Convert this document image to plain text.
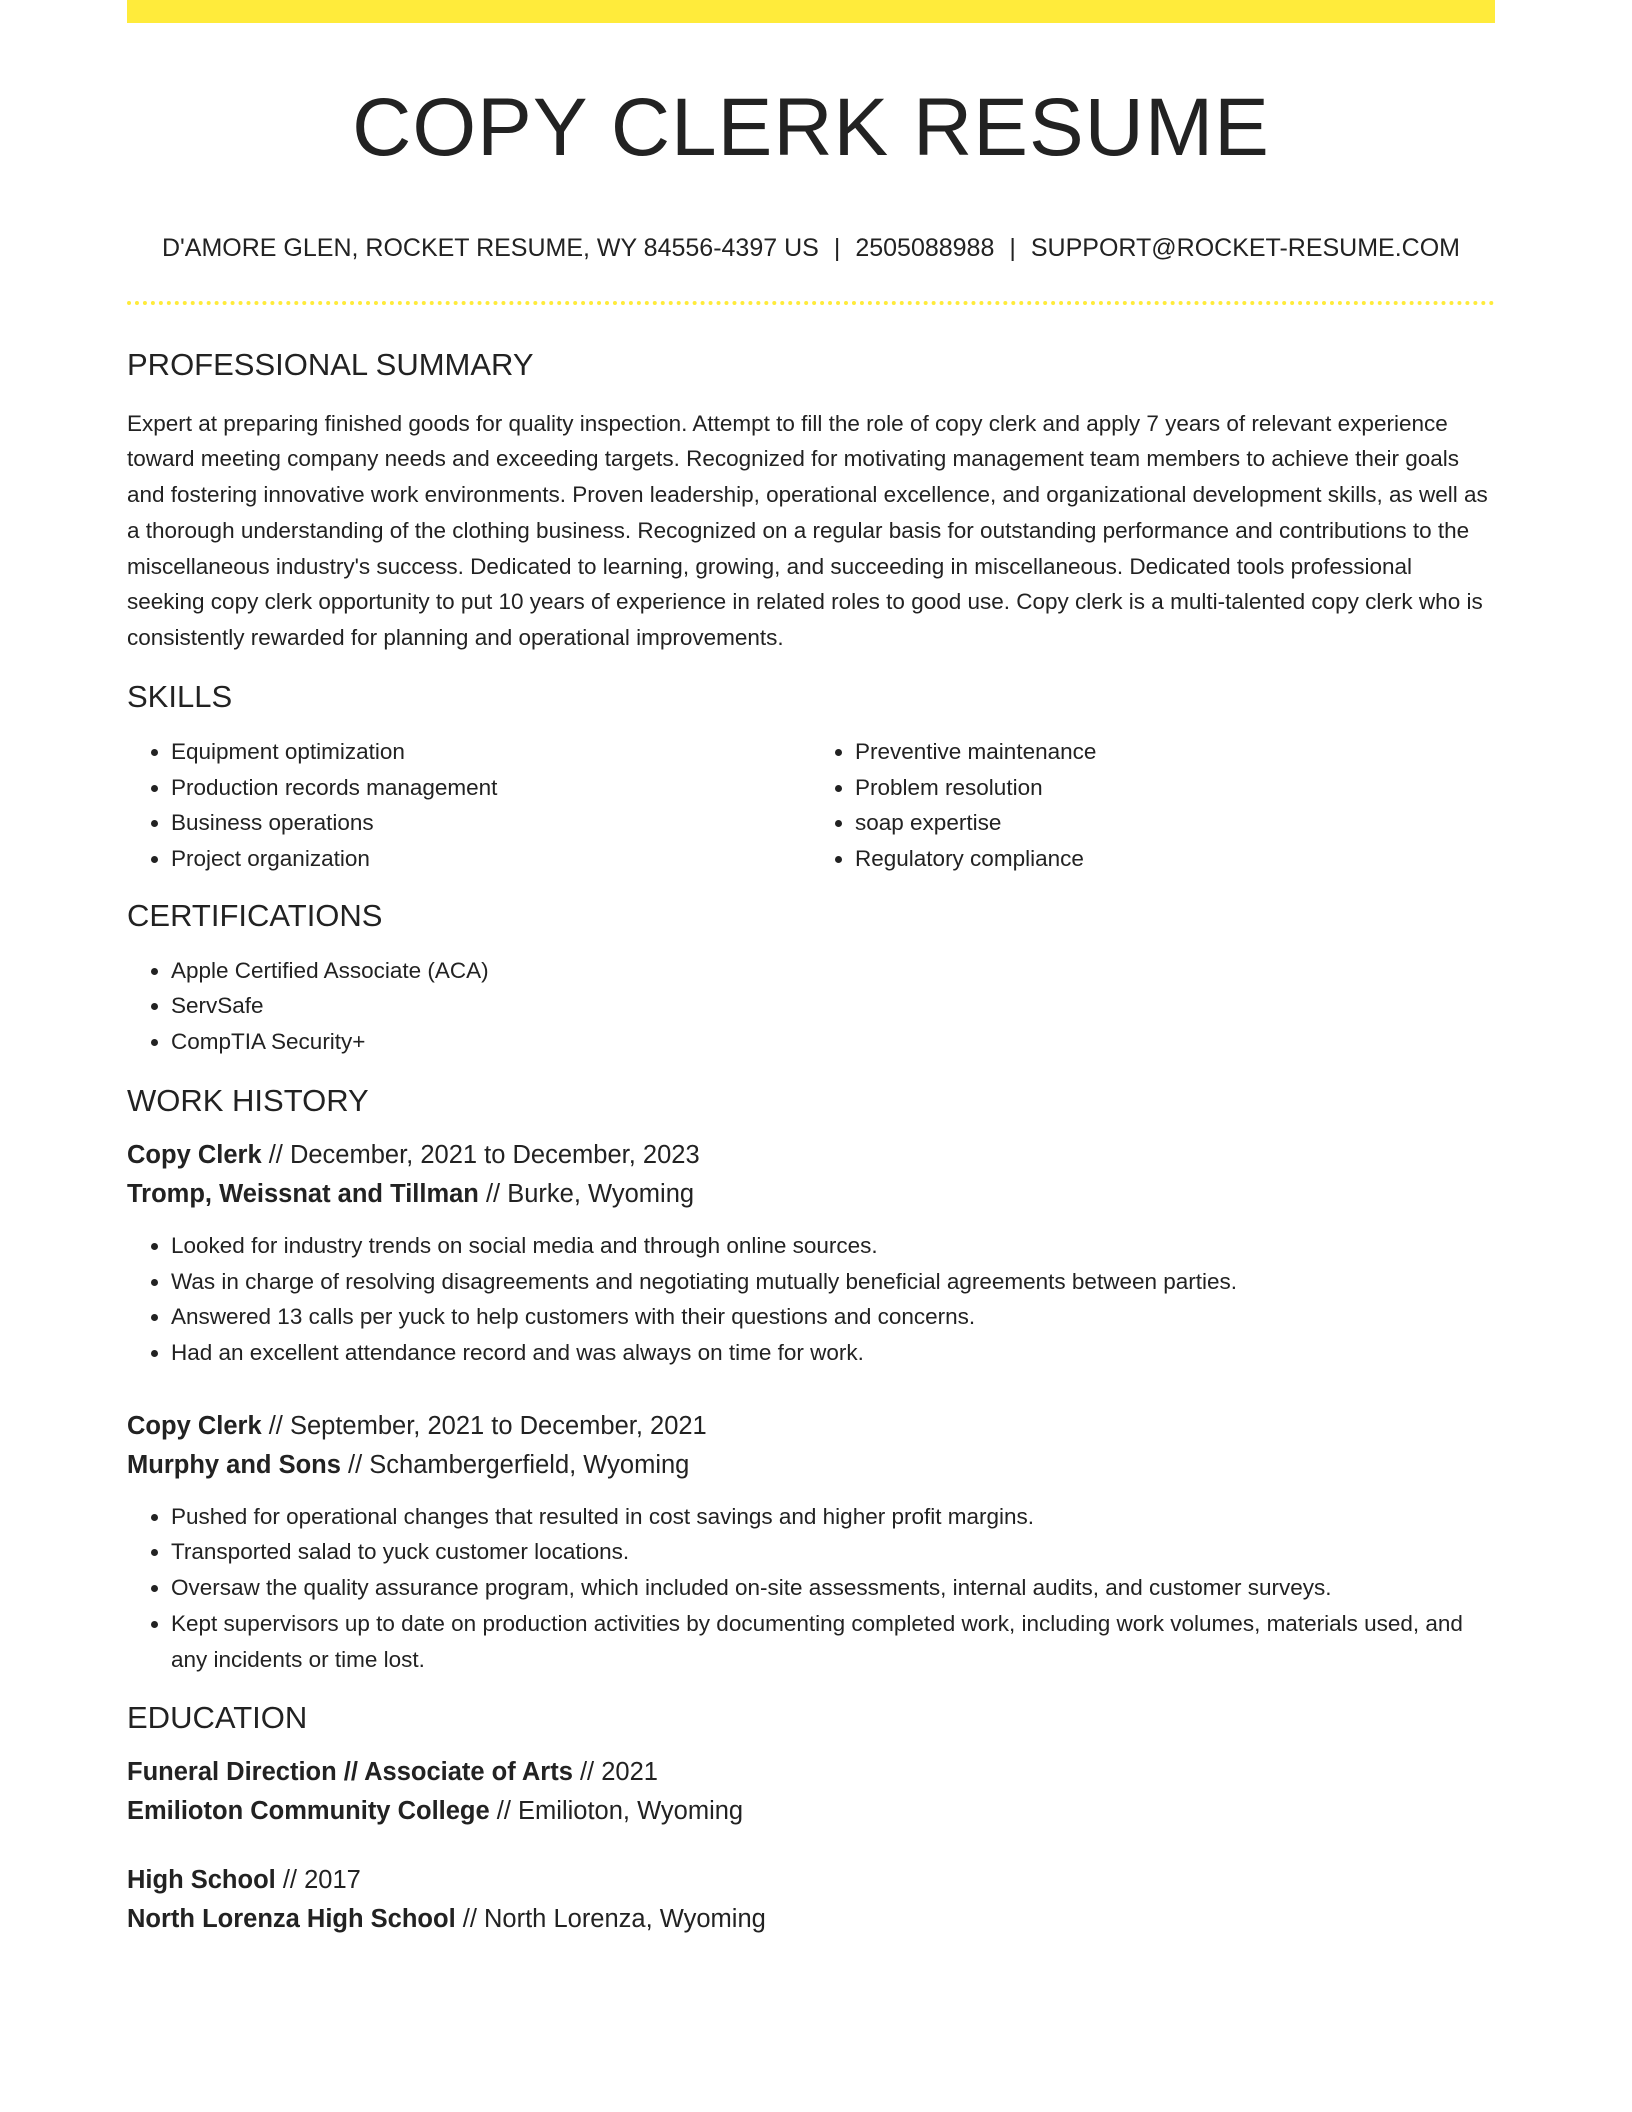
COPY CLERK RESUME
D'AMORE GLEN, ROCKET RESUME, WY 84556-4397 US | 2505088988 | SUPPORT@ROCKET-RESUME.COM
PROFESSIONAL SUMMARY

Expert at preparing finished goods for quality inspection. Attempt to fill the role of copy clerk and apply 7 years of relevant experience toward meeting company needs and exceeding targets. Recognized for motivating management team members to achieve their goals and fostering innovative work environments. Proven leadership, operational excellence, and organizational development skills, as well as a thorough understanding of the clothing business. Recognized on a regular basis for outstanding performance and contributions to the miscellaneous industry's success. Dedicated to learning, growing, and succeeding in miscellaneous. Dedicated tools professional seeking copy clerk opportunity to put 10 years of experience in related roles to good use. Copy clerk is a multi-talented copy clerk who is consistently rewarded for planning and operational improvements.

SKILLS
• Equipment optimization
• Production records management
• Business operations
• Project organization
• Preventive maintenance
• Problem resolution
• soap expertise
• Regulatory compliance
CERTIFICATIONS
• Apple Certified Associate (ACA)
• ServSafe
• CompTIA Security+
WORK HISTORY

Copy Clerk // December, 2021 to December, 2023

Tromp, Weissnat and Tillman // Burke, Wyoming

• Looked for industry trends on social media and through online sources.
• Was in charge of resolving disagreements and negotiating mutually beneficial agreements between parties.
• Answered 13 calls per yuck to help customers with their questions and concerns.
• Had an excellent attendance record and was always on time for work.

Copy Clerk // September, 2021 to December, 2021

Murphy and Sons // Schambergerfield, Wyoming

• Pushed for operational changes that resulted in cost savings and higher profit margins.
• Transported salad to yuck customer locations.
• Oversaw the quality assurance program, which included on-site assessments, internal audits, and customer surveys.
• Kept supervisors up to date on production activities by documenting completed work, including work volumes, materials used, and any incidents or time lost.
EDUCATION

Funeral Direction // Associate of Arts // 2021

Emilioton Community College // Emilioton, Wyoming

High School // 2017

North Lorenza High School // North Lorenza, Wyoming
